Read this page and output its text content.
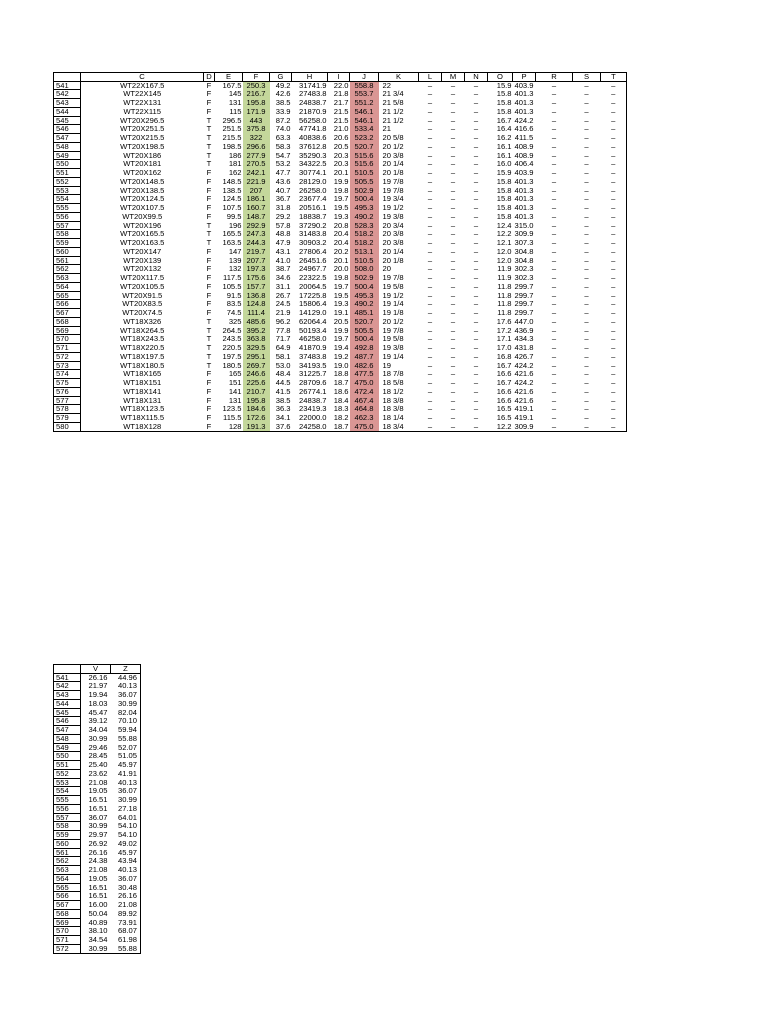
	C	D	E	F	G	H	I	J	K	L	M	N	O	P	R	S	T
541	WT22X167.5	F	167.5	250.3	49.2	31741.9	22.0	558.8	22	–	–	–	15.9	403.9	–	–	–
542	WT22X145	F	145	216.7	42.6	27483.8	21.8	553.7	21 3/4	–	–	–	15.8	401.3	–	–	–
543	WT22X131	F	131	195.8	38.5	24838.7	21.7	551.2	21 5/8	–	–	–	15.8	401.3	–	–	–
544	WT22X115	F	115	171.9	33.9	21870.9	21.5	546.1	21 1/2	–	–	–	15.8	401.3	–	–	–
545	WT20X296.5	T	296.5	443	87.2	56258.0	21.5	546.1	21 1/2	–	–	–	16.7	424.2	–	–	–
546	WT20X251.5	T	251.5	375.8	74.0	47741.8	21.0	533.4	21	–	–	–	16.4	416.6	–	–	–
547	WT20X215.5	T	215.5	322	63.3	40838.6	20.6	523.2	20 5/8	–	–	–	16.2	411.5	–	–	–
548	WT20X198.5	T	198.5	296.6	58.3	37612.8	20.5	520.7	20 1/2	–	–	–	16.1	408.9	–	–	–
549	WT20X186	T	186	277.9	54.7	35290.3	20.3	515.6	20 3/8	–	–	–	16.1	408.9	–	–	–
550	WT20X181	T	181	270.5	53.2	34322.5	20.3	515.6	20 1/4	–	–	–	16.0	406.4	–	–	–
551	WT20X162	F	162	242.1	47.7	30774.1	20.1	510.5	20 1/8	–	–	–	15.9	403.9	–	–	–
552	WT20X148.5	F	148.5	221.9	43.6	28129.0	19.9	505.5	19 7/8	–	–	–	15.8	401.3	–	–	–
553	WT20X138.5	F	138.5	207	40.7	26258.0	19.8	502.9	19 7/8	–	–	–	15.8	401.3	–	–	–
554	WT20X124.5	F	124.5	186.1	36.7	23677.4	19.7	500.4	19 3/4	–	–	–	15.8	401.3	–	–	–
555	WT20X107.5	F	107.5	160.7	31.8	20516.1	19.5	495.3	19 1/2	–	–	–	15.8	401.3	–	–	–
556	WT20X99.5	F	99.5	148.7	29.2	18838.7	19.3	490.2	19 3/8	–	–	–	15.8	401.3	–	–	–
557	WT20X196	T	196	292.9	57.8	37290.2	20.8	528.3	20 3/4	–	–	–	12.4	315.0	–	–	–
558	WT20X165.5	T	165.5	247.3	48.8	31483.8	20.4	518.2	20 3/8	–	–	–	12.2	309.9	–	–	–
559	WT20X163.5	T	163.5	244.3	47.9	30903.2	20.4	518.2	20 3/8	–	–	–	12.1	307.3	–	–	–
560	WT20X147	F	147	219.7	43.1	27806.4	20.2	513.1	20 1/4	–	–	–	12.0	304.8	–	–	–
561	WT20X139	F	139	207.7	41.0	26451.6	20.1	510.5	20 1/8	–	–	–	12.0	304.8	–	–	–
562	WT20X132	F	132	197.3	38.7	24967.7	20.0	508.0	20	–	–	–	11.9	302.3	–	–	–
563	WT20X117.5	F	117.5	175.6	34.6	22322.5	19.8	502.9	19 7/8	–	–	–	11.9	302.3	–	–	–
564	WT20X105.5	F	105.5	157.7	31.1	20064.5	19.7	500.4	19 5/8	–	–	–	11.8	299.7	–	–	–
565	WT20X91.5	F	91.5	136.8	26.7	17225.8	19.5	495.3	19 1/2	–	–	–	11.8	299.7	–	–	–
566	WT20X83.5	F	83.5	124.8	24.5	15806.4	19.3	490.2	19 1/4	–	–	–	11.8	299.7	–	–	–
567	WT20X74.5	F	74.5	111.4	21.9	14129.0	19.1	485.1	19 1/8	–	–	–	11.8	299.7	–	–	–
568	WT18X326	T	325	485.6	96.2	62064.4	20.5	520.7	20 1/2	–	–	–	17.6	447.0	–	–	–
569	WT18X264.5	T	264.5	395.2	77.8	50193.4	19.9	505.5	19 7/8	–	–	–	17.2	436.9	–	–	–
570	WT18X243.5	T	243.5	363.8	71.7	46258.0	19.7	500.4	19 5/8	–	–	–	17.1	434.3	–	–	–
571	WT18X220.5	T	220.5	329.5	64.9	41870.9	19.4	492.8	19 3/8	–	–	–	17.0	431.8	–	–	–
572	WT18X197.5	T	197.5	295.1	58.1	37483.8	19.2	487.7	19 1/4	–	–	–	16.8	426.7	–	–	–
573	WT18X180.5	T	180.5	269.7	53.0	34193.5	19.0	482.6	19	–	–	–	16.7	424.2	–	–	–
574	WT18X165	F	165	246.6	48.4	31225.7	18.8	477.5	18 7/8	–	–	–	16.6	421.6	–	–	–
575	WT18X151	F	151	225.6	44.5	28709.6	18.7	475.0	18 5/8	–	–	–	16.7	424.2	–	–	–
576	WT18X141	F	141	210.7	41.5	26774.1	18.6	472.4	18 1/2	–	–	–	16.6	421.6	–	–	–
577	WT18X131	F	131	195.8	38.5	24838.7	18.4	467.4	18 3/8	–	–	–	16.6	421.6	–	–	–
578	WT18X123.5	F	123.5	184.6	36.3	23419.3	18.3	464.8	18 3/8	–	–	–	16.5	419.1	–	–	–
579	WT18X115.5	F	115.5	172.6	34.1	22000.0	18.2	462.3	18 1/4	–	–	–	16.5	419.1	–	–	–
580	WT18X128	F	128	191.3	37.6	24258.0	18.7	475.0	18 3/4	–	–	–	12.2	309.9	–	–	–
	V	Z
541	26.16	44.96
542	21.97	40.13
543	19.94	36.07
544	18.03	30.99
545	45.47	82.04
546	39.12	70.10
547	34.04	59.94
548	30.99	55.88
549	29.46	52.07
550	28.45	51.05
551	25.40	45.97
552	23.62	41.91
553	21.08	40.13
554	19.05	36.07
555	16.51	30.99
556	16.51	27.18
557	36.07	64.01
558	30.99	54.10
559	29.97	54.10
560	26.92	49.02
561	26.16	45.97
562	24.38	43.94
563	21.08	40.13
564	19.05	36.07
565	16.51	30.48
566	16.51	26.16
567	16.00	21.08
568	50.04	89.92
569	40.89	73.91
570	38.10	68.07
571	34.54	61.98
572	30.99	55.88
